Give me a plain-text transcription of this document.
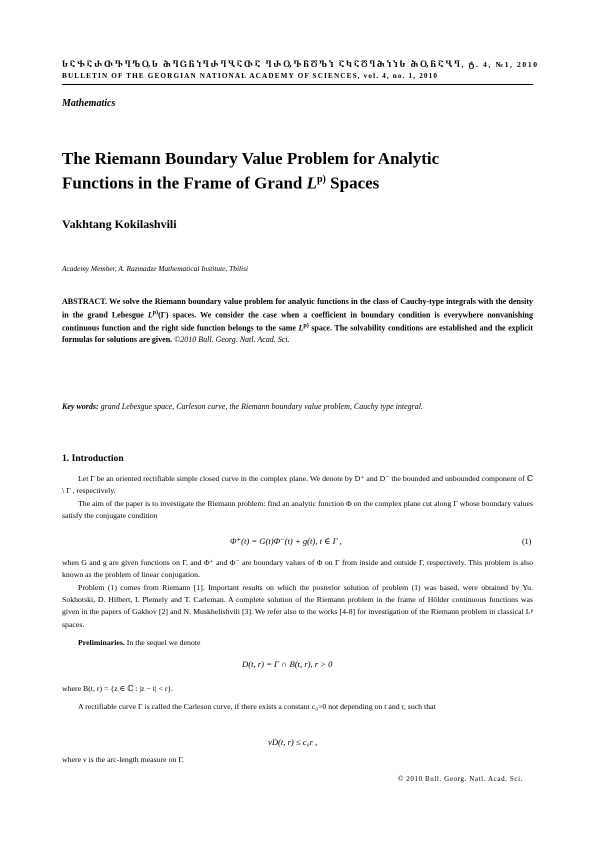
ႱႠႵႠႰႧႥႤႪႭႱ ႫႤႺႬႨႤႰႤႡႠႧႠ ႤႰႭႥႬႣႪႨ ႠႩႠႣႤႫႨႨႱ ႫႭႬႠႡႤ, ტ. 4, №1, 2010
BULLETIN OF THE GEORGIAN NATIONAL ACADEMY OF SCIENCES, vol. 4, no. 1, 2010
Mathematics
The Riemann Boundary Value Problem for Analytic
Functions in the Frame of Grand $L^{p)}$ Spaces
Vakhtang Kokilashvili
Academy Member, A. Razmadze Mathematical Institute, Tbilisi
ABSTRACT. We solve the Riemann boundary value problem for analytic functions in the class of Cauchy-type integrals with the density in the grand Lebesgue $L^{p)}(\Gamma)$ spaces. We consider the case when a coefficient in boundary condition is everywhere nonvanishing continuous function and the right side function belongs to the same $L^{p)}$ space. The solvability conditions are established and the explicit formulas for solutions are given. ©2010 Bull. Georg. Natl. Acad. Sci.
Key words: grand Lebesgue space, Carleson curve, the Riemann boundary value problem, Cauchy type integral.
1. Introduction
Let Γ be an oriented rectifiable simple closed curve in the complex plane. We denote by D⁺ and D⁻ the bounded and unbounded component of ℂ \ Γ , respectively.
The aim of the paper is to investigate the Riemann problem: find an analytic function Φ on the complex plane cut along Γ whose boundary values satisfy the conjugate condition
Φ⁺(t) = G(t)Φ⁻(t) + g(t), t ∈ Γ ,	(1)
when G and g are given functions on Γ, and Φ⁺ and Φ⁻ are boundary values of Φ on Γ from inside and outside Γ, respectively. This problem is also known as the problem of linear conjugation.
Problem (1) comes from Riemann [1]. Important results on which the posterior solution of problem (1) was based, were obtained by Yu. Sokhotski, D. Hilbert, I. Plemely and T. Carleman. A complete solution of the Riemann problem in the frame of Hölder continuous functions was given in the papers of Gakhov [2] and N. Muskhelishvili [3]. We refer also to the works [4-8] for investigation of the Riemann problem in classical Lᵖ spaces.
Preliminaries. In the sequel we denote
D(t, r) = Γ ∩ B(t, r), r > 0
where B(t, r) = {z ∈ ℂ : |z − t| < r}.
A rectifiable curve Γ is called the Carleson curve, if there exists a constant c₀>0 not depending on t and r, such that
νD(t, r) ≤ c₀r ,
where ν is the arc-length measure on Γ.
© 2010 Bull. Georg. Natl. Acad. Sci.
